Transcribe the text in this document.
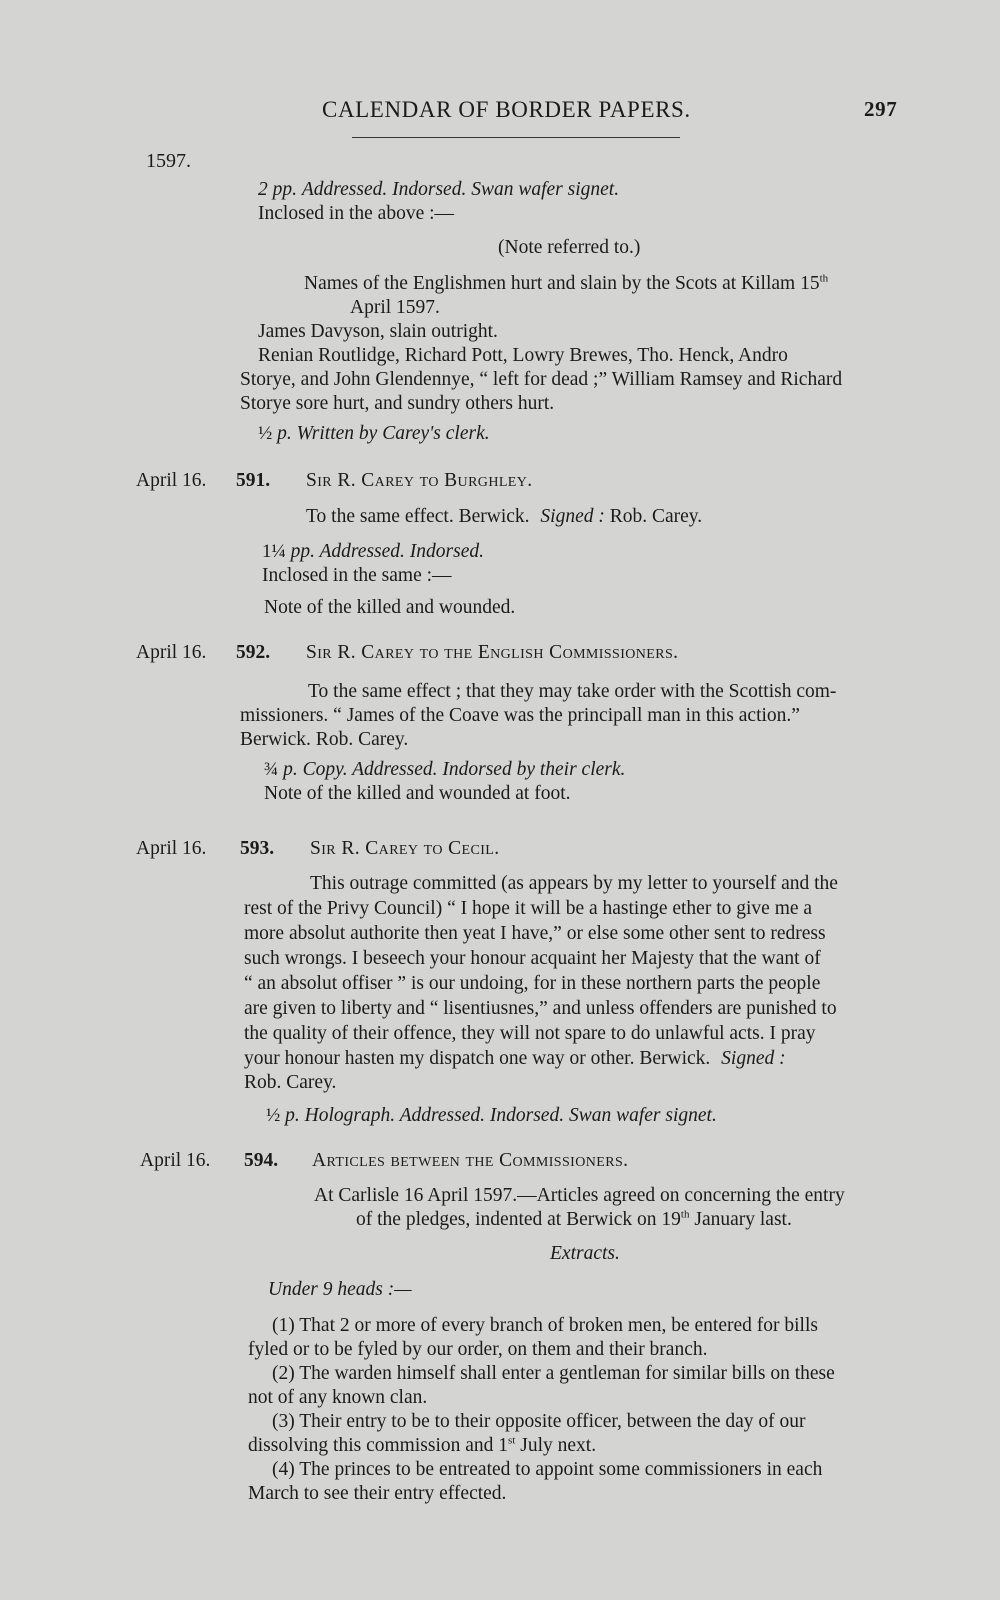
CALENDAR OF BORDER PAPERS.	297
1597.
2 pp. Addressed. Indorsed. Swan wafer signet.
Inclosed in the above :—
(Note referred to.)
Names of the Englishmen hurt and slain by the Scots at Killam 15th
April 1597.
James Davyson, slain outright.
Renian Routlidge, Richard Pott, Lowry Brewes, Tho. Henck, Andro
Storye, and John Glendennye, “ left for dead ;” William Ramsey and Richard
Storye sore hurt, and sundry others hurt.
½ p. Written by Carey's clerk.
April 16. 591. Sir R. Carey to Burghley.
To the same effect. Berwick. Signed : Rob. Carey.
1¼ pp. Addressed. Indorsed.
Inclosed in the same :—
Note of the killed and wounded.
April 16. 592. Sir R. Carey to the English Commissioners.
To the same effect ; that they may take order with the Scottish com-
missioners. “ James of the Coave was the principall man in this action.”
Berwick. Rob. Carey.
¾ p. Copy. Addressed. Indorsed by their clerk.
Note of the killed and wounded at foot.
April 16. 593. Sir R. Carey to Cecil.
This outrage committed (as appears by my letter to yourself and the
rest of the Privy Council) “ I hope it will be a hastinge ether to give me a
more absolut authorite then yeat I have,” or else some other sent to redress
such wrongs. I beseech your honour acquaint her Majesty that the want of
“ an absolut offiser ” is our undoing, for in these northern parts the people
are given to liberty and “ lisentiusnes,” and unless offenders are punished to
the quality of their offence, they will not spare to do unlawful acts. I pray
your honour hasten my dispatch one way or other. Berwick. Signed :
Rob. Carey.
½ p. Holograph. Addressed. Indorsed. Swan wafer signet.
April 16. 594. Articles between the Commissioners.
At Carlisle 16 April 1597.—Articles agreed on concerning the entry
of the pledges, indented at Berwick on 19th January last.
Extracts.
Under 9 heads :—
(1) That 2 or more of every branch of broken men, be entered for bills
fyled or to be fyled by our order, on them and their branch.
(2) The warden himself shall enter a gentleman for similar bills on these
not of any known clan.
(3) Their entry to be to their opposite officer, between the day of our
dissolving this commission and 1st July next.
(4) The princes to be entreated to appoint some commissioners in each
March to see their entry effected.
